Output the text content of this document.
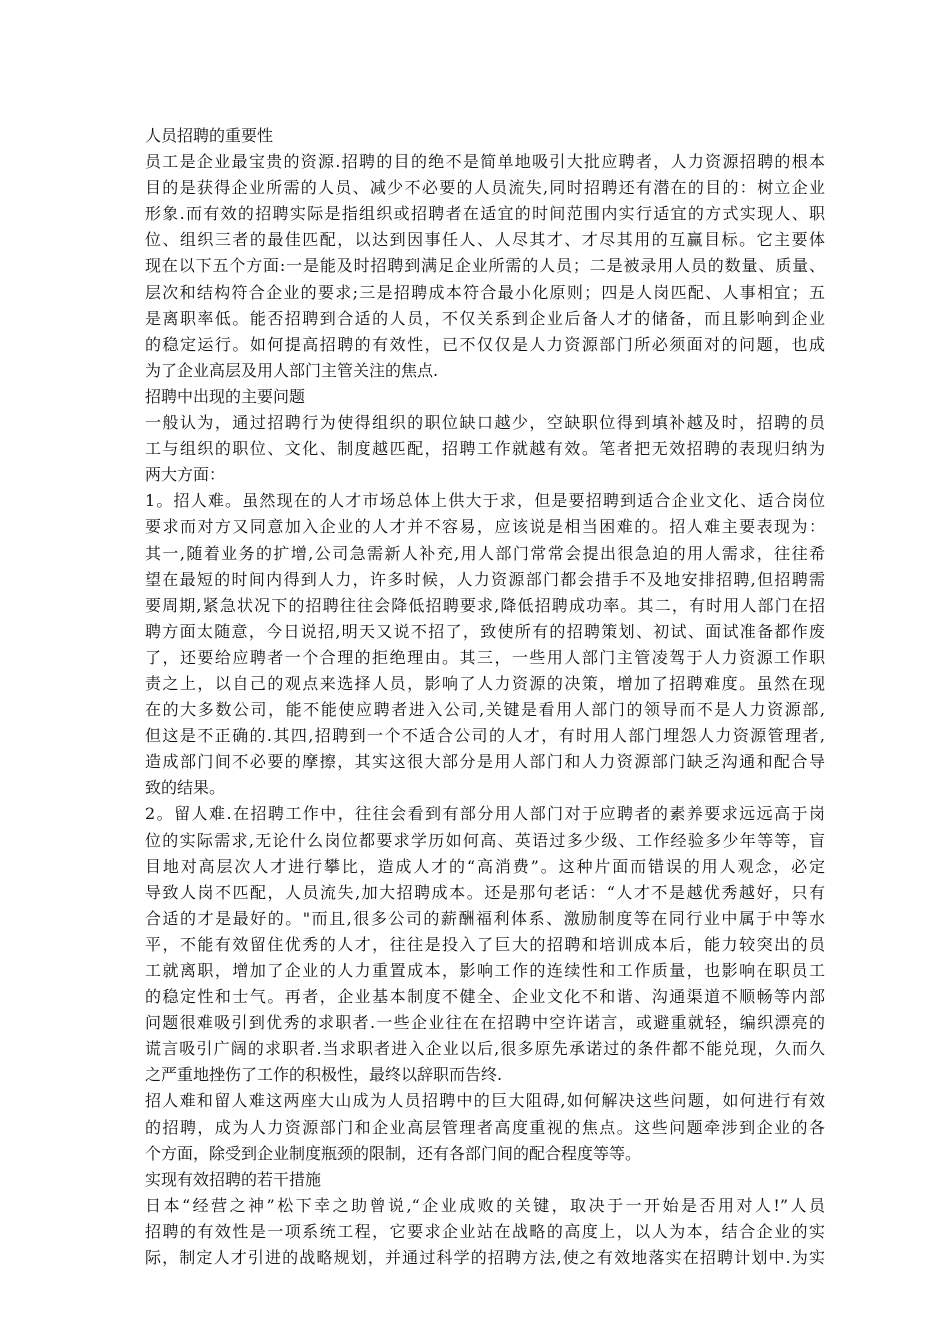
人员招聘的重要性
员工是企业最宝贵的资源.招聘的目的绝不是简单地吸引大批应聘者，人力资源招聘的根本
目的是获得企业所需的人员、减少不必要的人员流失,同时招聘还有潜在的目的：树立企业
形象.而有效的招聘实际是指组织或招聘者在适宜的时间范围内实行适宜的方式实现人、职
位、组织三者的最佳匹配，以达到因事任人、人尽其才、才尽其用的互赢目标。它主要体
现在以下五个方面:一是能及时招聘到满足企业所需的人员；二是被录用人员的数量、质量、
层次和结构符合企业的要求;三是招聘成本符合最小化原则；四是人岗匹配、人事相宜；五
是离职率低。能否招聘到合适的人员，不仅关系到企业后备人才的储备，而且影响到企业
的稳定运行。如何提高招聘的有效性，已不仅仅是人力资源部门所必须面对的问题，也成
为了企业高层及用人部门主管关注的焦点.
招聘中出现的主要问题
一般认为，通过招聘行为使得组织的职位缺口越少，空缺职位得到填补越及时，招聘的员
工与组织的职位、文化、制度越匹配，招聘工作就越有效。笔者把无效招聘的表现归纳为
两大方面：
1。招人难。虽然现在的人才市场总体上供大于求，但是要招聘到适合企业文化、适合岗位
要求而对方又同意加入企业的人才并不容易，应该说是相当困难的。招人难主要表现为：
其一,随着业务的扩增,公司急需新人补充,用人部门常常会提出很急迫的用人需求，往往希
望在最短的时间内得到人力，许多时候，人力资源部门都会措手不及地安排招聘,但招聘需
要周期,紧急状况下的招聘往往会降低招聘要求,降低招聘成功率。其二，有时用人部门在招
聘方面太随意，今日说招,明天又说不招了，致使所有的招聘策划、初试、面试准备都作废
了，还要给应聘者一个合理的拒绝理由。其三，一些用人部门主管凌驾于人力资源工作职
责之上，以自己的观点来选择人员，影响了人力资源的决策，增加了招聘难度。虽然在现
在的大多数公司，能不能使应聘者进入公司,关键是看用人部门的领导而不是人力资源部,
但这是不正确的.其四,招聘到一个不适合公司的人才，有时用人部门埋怨人力资源管理者,
造成部门间不必要的摩擦，其实这很大部分是用人部门和人力资源部门缺乏沟通和配合导
致的结果。
2。留人难.在招聘工作中，往往会看到有部分用人部门对于应聘者的素养要求远远高于岗
位的实际需求,无论什么岗位都要求学历如何高、英语过多少级、工作经验多少年等等，盲
目地对高层次人才进行攀比，造成人才的“高消费”。这种片面而错误的用人观念，必定
导致人岗不匹配，人员流失,加大招聘成本。还是那句老话：“人才不是越优秀越好，只有
合适的才是最好的。"而且,很多公司的薪酬福利体系、激励制度等在同行业中属于中等水
平，不能有效留住优秀的人才，往往是投入了巨大的招聘和培训成本后，能力较突出的员
工就离职，增加了企业的人力重置成本，影响工作的连续性和工作质量，也影响在职员工
的稳定性和士气。再者，企业基本制度不健全、企业文化不和谐、沟通渠道不顺畅等内部
问题很难吸引到优秀的求职者.一些企业往在在招聘中空许诺言，或避重就轻，编织漂亮的
谎言吸引广阔的求职者.当求职者进入企业以后,很多原先承诺过的条件都不能兑现，久而久
之严重地挫伤了工作的积极性，最终以辞职而告终.
招人难和留人难这两座大山成为人员招聘中的巨大阻碍,如何解决这些问题，如何进行有效
的招聘，成为人力资源部门和企业高层管理者高度重视的焦点。这些问题牵涉到企业的各
个方面，除受到企业制度瓶颈的限制，还有各部门间的配合程度等等。
实现有效招聘的若干措施
日本“经营之神”松下幸之助曾说,“企业成败的关键，取决于一开始是否用对人!”人员
招聘的有效性是一项系统工程，它要求企业站在战略的高度上，以人为本，结合企业的实
际，制定人才引进的战略规划，并通过科学的招聘方法,使之有效地落实在招聘计划中.为实
